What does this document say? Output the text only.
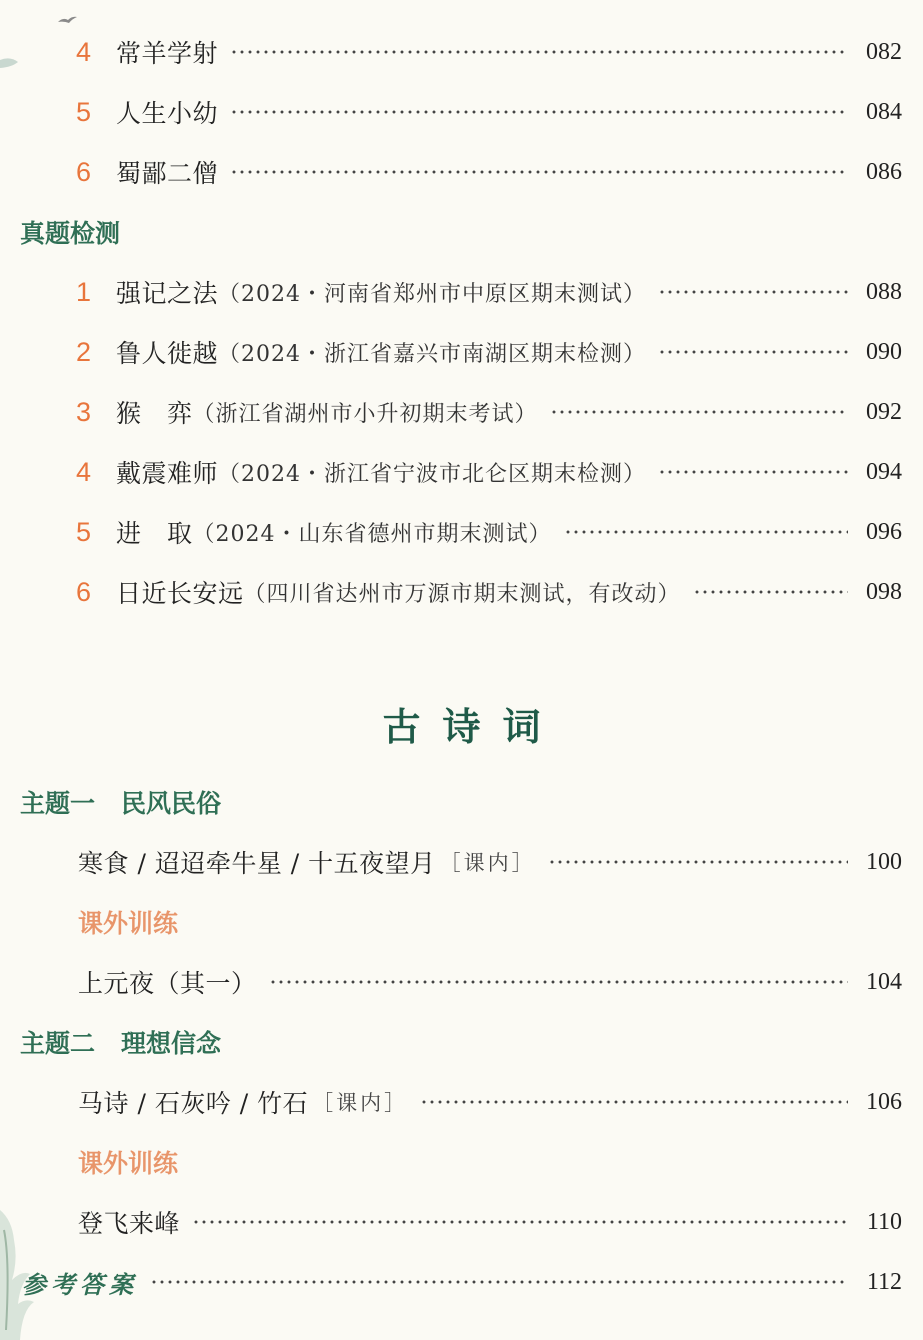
4 常羊学射	082
5 人生小幼	084
6 蜀鄙二僧	086
真题检测
1 强记之法 （2024・河南省郑州市中原区期末测试）	088
2 鲁人徙越 （2024・浙江省嘉兴市南湖区期末检测）	090
3 猴　弈 （浙江省湖州市小升初期末考试）	092
4 戴震难师 （2024・浙江省宁波市北仑区期末检测）	094
5 进　取 （2024・山东省德州市期末测试）	096
6 日近长安远 （四川省达州市万源市期末测试，有改动）	098
古诗词
主题一 民风民俗
寒食 / 迢迢牵牛星 / 十五夜望月 ［课内］	100
课外训练
上元夜（其一）	104
主题二 理想信念
马诗 / 石灰吟 / 竹石 ［课内］	106
课外训练
登飞来峰	110
参考答案	112
